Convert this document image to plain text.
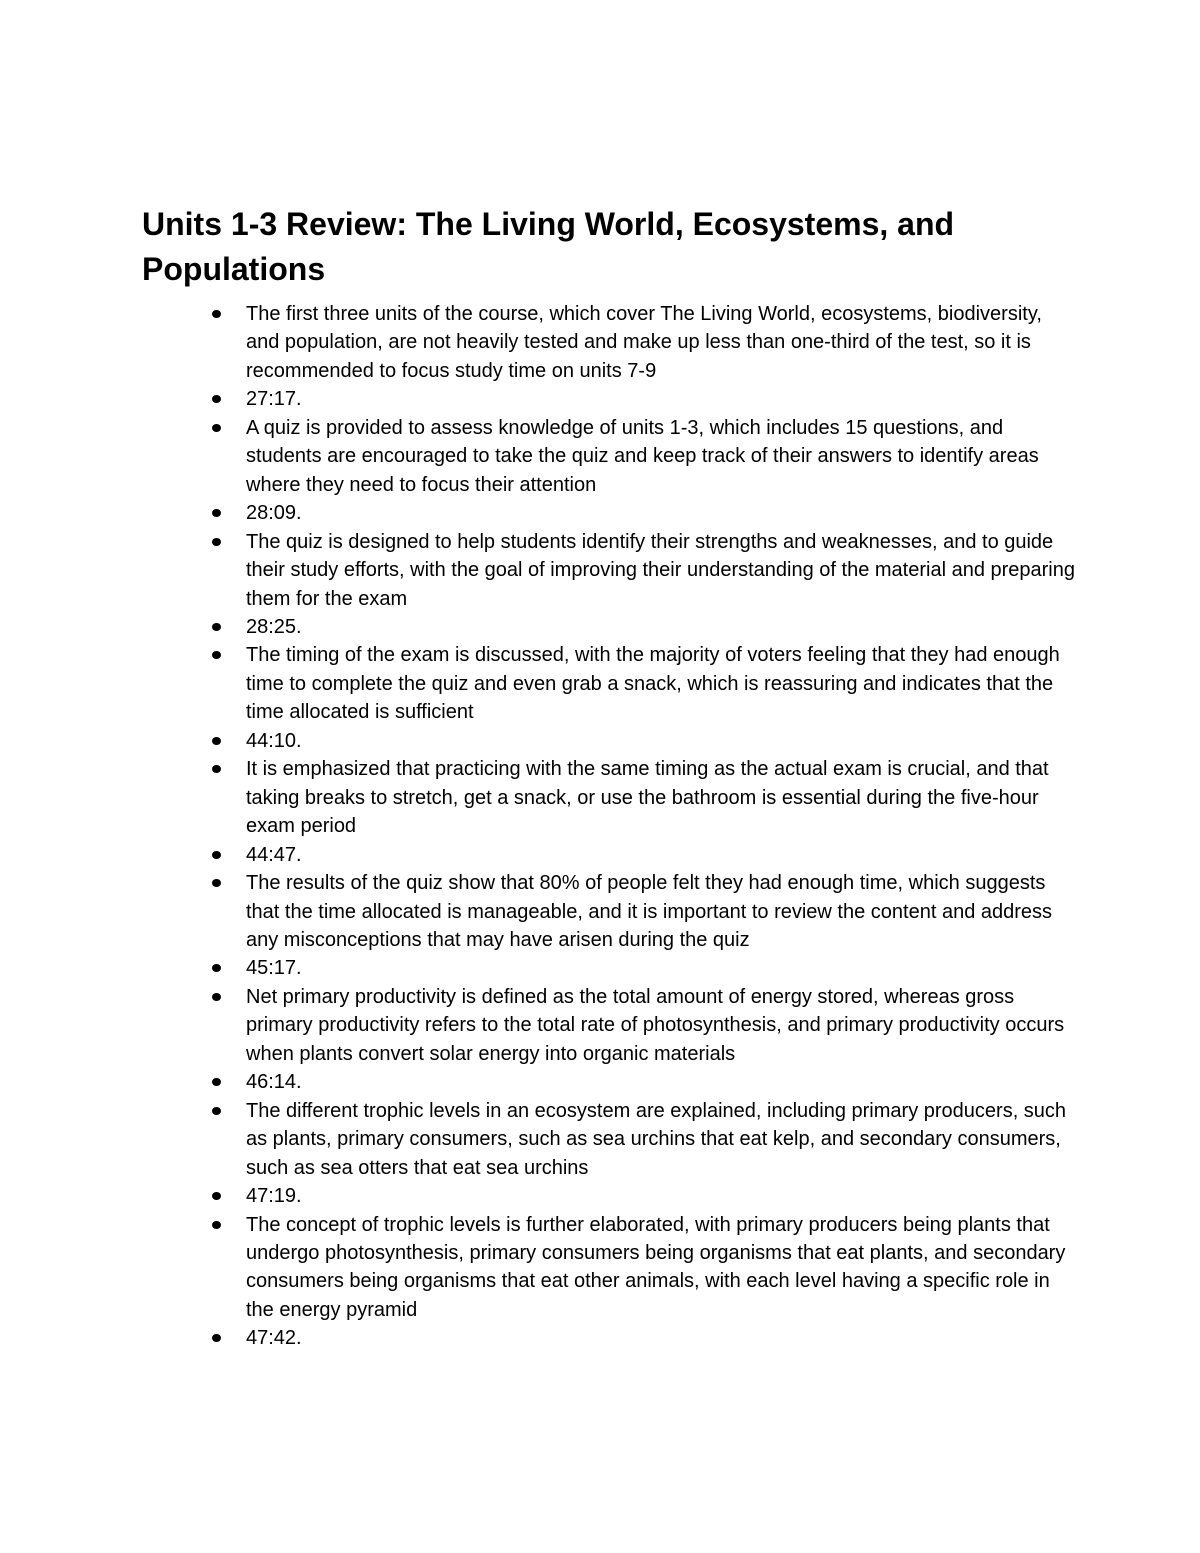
Units 1-3 Review: The Living World, Ecosystems, and Populations
The first three units of the course, which cover The Living World, ecosystems, biodiversity, and population, are not heavily tested and make up less than one-third of the test, so it is recommended to focus study time on units 7-9
27:17.
A quiz is provided to assess knowledge of units 1-3, which includes 15 questions, and students are encouraged to take the quiz and keep track of their answers to identify areas where they need to focus their attention
28:09.
The quiz is designed to help students identify their strengths and weaknesses, and to guide their study efforts, with the goal of improving their understanding of the material and preparing them for the exam
28:25.
The timing of the exam is discussed, with the majority of voters feeling that they had enough time to complete the quiz and even grab a snack, which is reassuring and indicates that the time allocated is sufficient
44:10.
It is emphasized that practicing with the same timing as the actual exam is crucial, and that taking breaks to stretch, get a snack, or use the bathroom is essential during the five-hour exam period
44:47.
The results of the quiz show that 80% of people felt they had enough time, which suggests that the time allocated is manageable, and it is important to review the content and address any misconceptions that may have arisen during the quiz
45:17.
Net primary productivity is defined as the total amount of energy stored, whereas gross primary productivity refers to the total rate of photosynthesis, and primary productivity occurs when plants convert solar energy into organic materials
46:14.
The different trophic levels in an ecosystem are explained, including primary producers, such as plants, primary consumers, such as sea urchins that eat kelp, and secondary consumers, such as sea otters that eat sea urchins
47:19.
The concept of trophic levels is further elaborated, with primary producers being plants that undergo photosynthesis, primary consumers being organisms that eat plants, and secondary consumers being organisms that eat other animals, with each level having a specific role in the energy pyramid
47:42.
